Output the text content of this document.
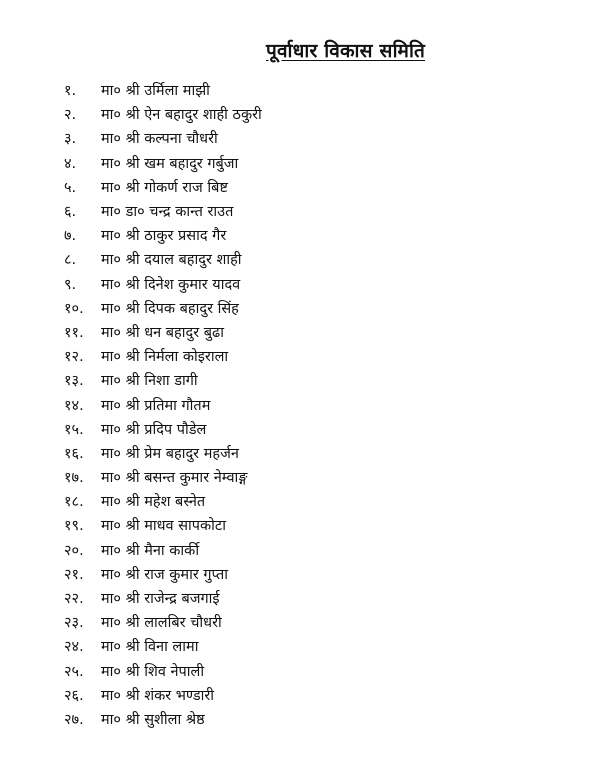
पूर्वाधार विकास समिति
१.	मा० श्री उर्मिला माझी
२.	मा० श्री ऐन बहादुर शाही ठकुरी
३.	मा० श्री कल्पना चौधरी
४.	मा० श्री खम बहादुर गर्बुजा
५.	मा० श्री गोकर्ण राज बिष्ट
६.	मा० डा० चन्द्र कान्त राउत
७.	मा० श्री ठाकुर प्रसाद गैर
८.	मा० श्री दयाल बहादुर शाही
९.	मा० श्री दिनेश कुमार यादव
१०.	मा० श्री दिपक बहादुर सिंह
११.	मा० श्री धन बहादुर बुढा
१२.	मा० श्री निर्मला कोइराला
१३.	मा० श्री निशा डागी
१४.	मा० श्री प्रतिमा गौतम
१५.	मा० श्री प्रदिप पौडेल
१६.	मा० श्री प्रेम बहादुर महर्जन
१७.	मा० श्री बसन्त कुमार नेम्वाङ्ग
१८.	मा० श्री महेश बस्नेत
१९.	मा० श्री माधव सापकोटा
२०.	मा० श्री मैना कार्की
२१.	मा० श्री राज कुमार गुप्ता
२२.	मा० श्री राजेन्द्र बजगाई
२३.	मा० श्री लालबिर चौधरी
२४.	मा० श्री विना लामा
२५.	मा० श्री शिव नेपाली
२६.	मा० श्री शंकर भण्डारी
२७.	मा० श्री सुशीला श्रेष्ठ
